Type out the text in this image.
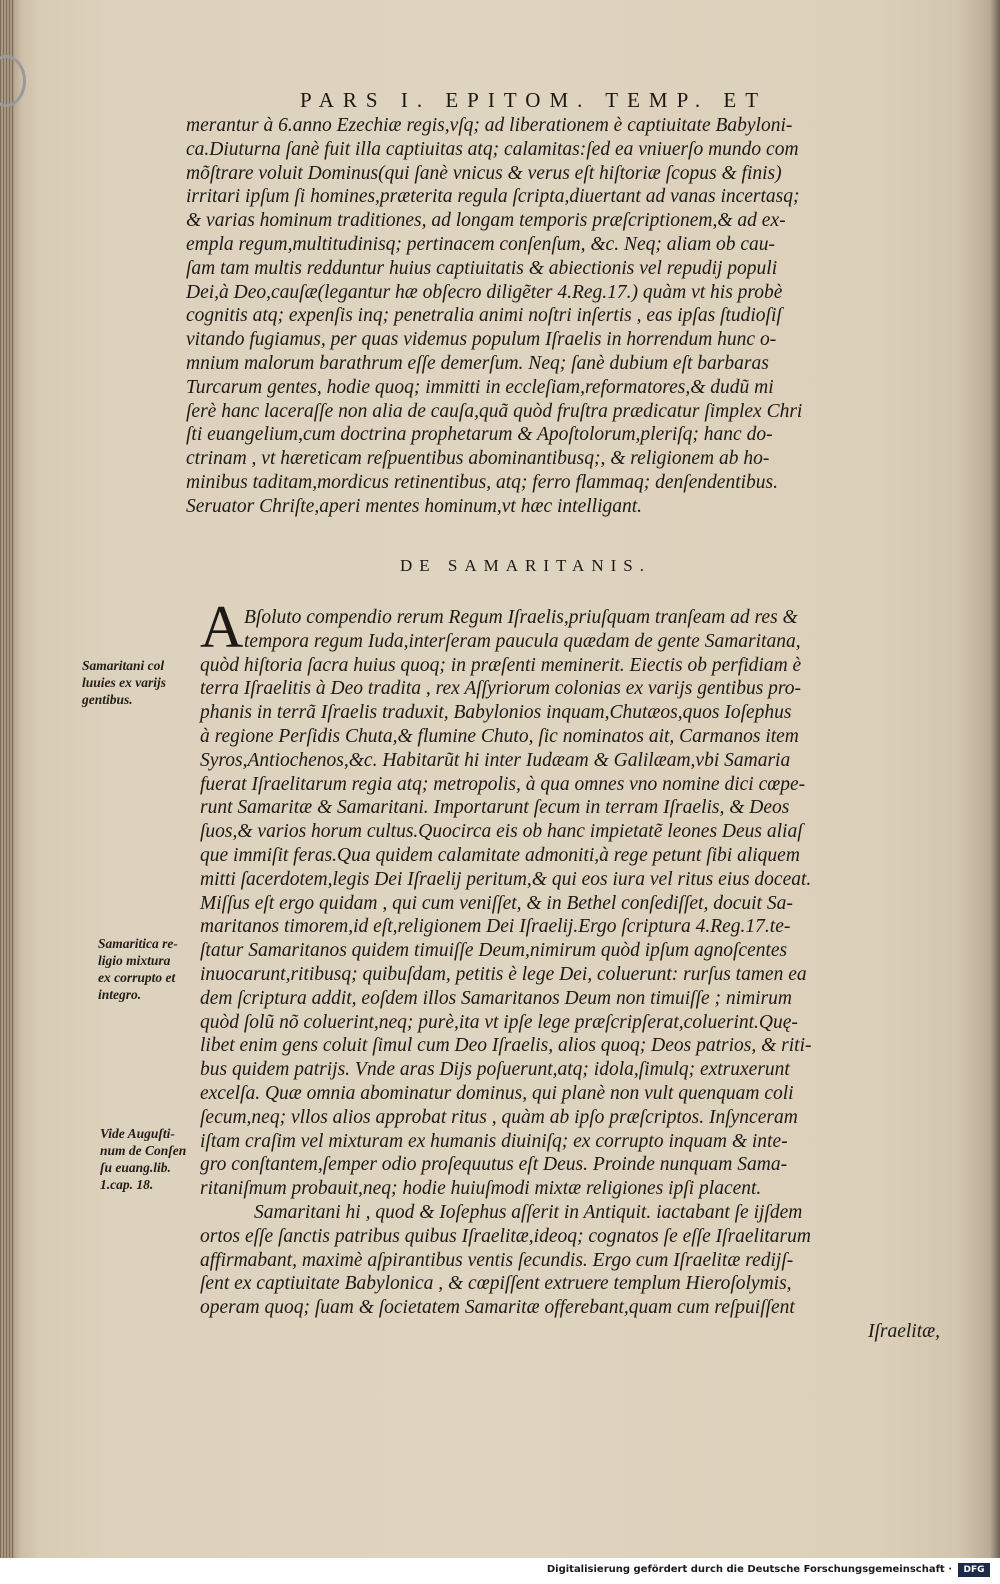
PARS I. EPITOM. TEMP. ET
merantur à 6.anno Ezechiæ regis,vſq; ad liberationem è captiuitate Babyloni-
ca.Diuturna ſanè fuit illa captiuitas atq; calamitas:ſed ea vniuerſo mundo com
mõſtrare voluit Dominus(qui ſanè vnicus & verus eſt hiſtoriæ ſcopus & finis)
irritari ipſum ſi homines,præterita regula ſcripta,diuertant ad vanas incertasq;
& varias hominum traditiones, ad longam temporis præſcriptionem,& ad ex-
empla regum,multitudinisq; pertinacem conſenſum, &c. Neq; aliam ob cau-
ſam tam multis redduntur huius captiuitatis & abiectionis vel repudij populi
Dei,à Deo,cauſæ(legantur hæ obſecro diligẽter 4.Reg.17.) quàm vt his probè
cognitis atq; expenſis inq; penetralia animi noſtri inſertis , eas ipſas ſtudioſiſ
vitando fugiamus, per quas videmus populum Iſraelis in horrendum hunc o-
mnium malorum barathrum eſſe demerſum. Neq; ſanè dubium eſt barbaras
Turcarum gentes, hodie quoq; immitti in eccleſiam,reformatores,& dudũ mi
ſerè hanc laceraſſe non alia de cauſa,quã quòd fruſtra prædicatur ſimplex Chri
ſti euangelium,cum doctrina prophetarum & Apoſtolorum,pleriſq; hanc do-
ctrinam , vt hæreticam reſpuentibus abominantibusq;, & religionem ab ho-
minibus taditam,mordicus retinentibus, atq; ferro flammaq; denſendentibus.
Seruator Chriſte,aperi mentes hominum,vt hæc intelligant.
DE SAMARITANIS.
A Bſoluto compendio rerum Regum Iſraelis,priuſquam tranſeam ad res &
tempora regum Iuda,interſeram paucula quædam de gente Samaritana,
quòd hiſtoria ſacra huius quoq; in præſenti meminerit. Eiectis ob perfidiam è
terra Iſraelitis à Deo tradita , rex Aſſyriorum colonias ex varijs gentibus pro-
phanis in terrã Iſraelis traduxit, Babylonios inquam,Chutæos,quos Ioſephus
à regione Perſidis Chuta,& flumine Chuto, ſic nominatos ait, Carmanos item
Syros,Antiochenos,&c. Habitarũt hi inter Iudæam & Galilæam,vbi Samaria
fuerat Iſraelitarum regia atq; metropolis, à qua omnes vno nomine dici cœpe-
runt Samaritæ & Samaritani. Importarunt ſecum in terram Iſraelis, & Deos
ſuos,& varios horum cultus.Quocirca eis ob hanc impietatẽ leones Deus aliaſ
que immiſit feras.Qua quidem calamitate admoniti,à rege petunt ſibi aliquem
mitti ſacerdotem,legis Dei Iſraelij peritum,& qui eos iura vel ritus eius doceat.
Miſſus eſt ergo quidam , qui cum veniſſet, & in Bethel conſediſſet, docuit Sa-
maritanos timorem,id eſt,religionem Dei Iſraelij.Ergo ſcriptura 4.Reg.17.te-
ſtatur Samaritanos quidem timuiſſe Deum,nimirum quòd ipſum agnoſcentes
inuocarunt,ritibusq; quibuſdam, petitis è lege Dei, coluerunt: rurſus tamen ea
dem ſcriptura addit, eoſdem illos Samaritanos Deum non timuiſſe ; nimirum
quòd ſolũ nõ coluerint,neq; purè,ita vt ipſe lege præſcripſerat,coluerint.Quę-
libet enim gens coluit ſimul cum Deo Iſraelis, alios quoq; Deos patrios, & riti-
bus quidem patrijs. Vnde aras Dijs poſuerunt,atq; idola,ſimulq; extruxerunt
excelſa. Quæ omnia abominatur dominus, qui planè non vult quenquam coli
ſecum,neq; vllos alios approbat ritus , quàm ab ipſo præſcriptos. Inſynceram
iſtam craſim vel mixturam ex humanis diuiniſq; ex corrupto inquam & inte-
gro conſtantem,ſemper odio proſequutus eſt Deus. Proinde nunquam Sama-
ritaniſmum probauit,neq; hodie huiuſmodi mixtæ religiones ipſi placent.
Samaritani hi , quod & Ioſephus aſſerit in Antiquit. iactabant ſe ijſdem
ortos eſſe ſanctis patribus quibus Iſraelitæ,ideoq; cognatos ſe eſſe Iſraelitarum
affirmabant, maximè aſpirantibus ventis ſecundis. Ergo cum Iſraelitæ redijſ-
ſent ex captiuitate Babylonica , & cœpiſſent extruere templum Hieroſolymis,
operam quoq; ſuam & ſocietatem Samaritæ offerebant,quam cum reſpuiſſent
Iſraelitæ,
Samaritani col
luuies ex varijs
gentibus.
Samaritica re-
ligio mixtura
ex corrupto et
integro.
Vide Auguſti-
num de Conſen
ſu euang.lib.
1.cap. 18.
Digitalisierung gefördert durch die Deutsche Forschungsgemeinschaft ·	DFG
